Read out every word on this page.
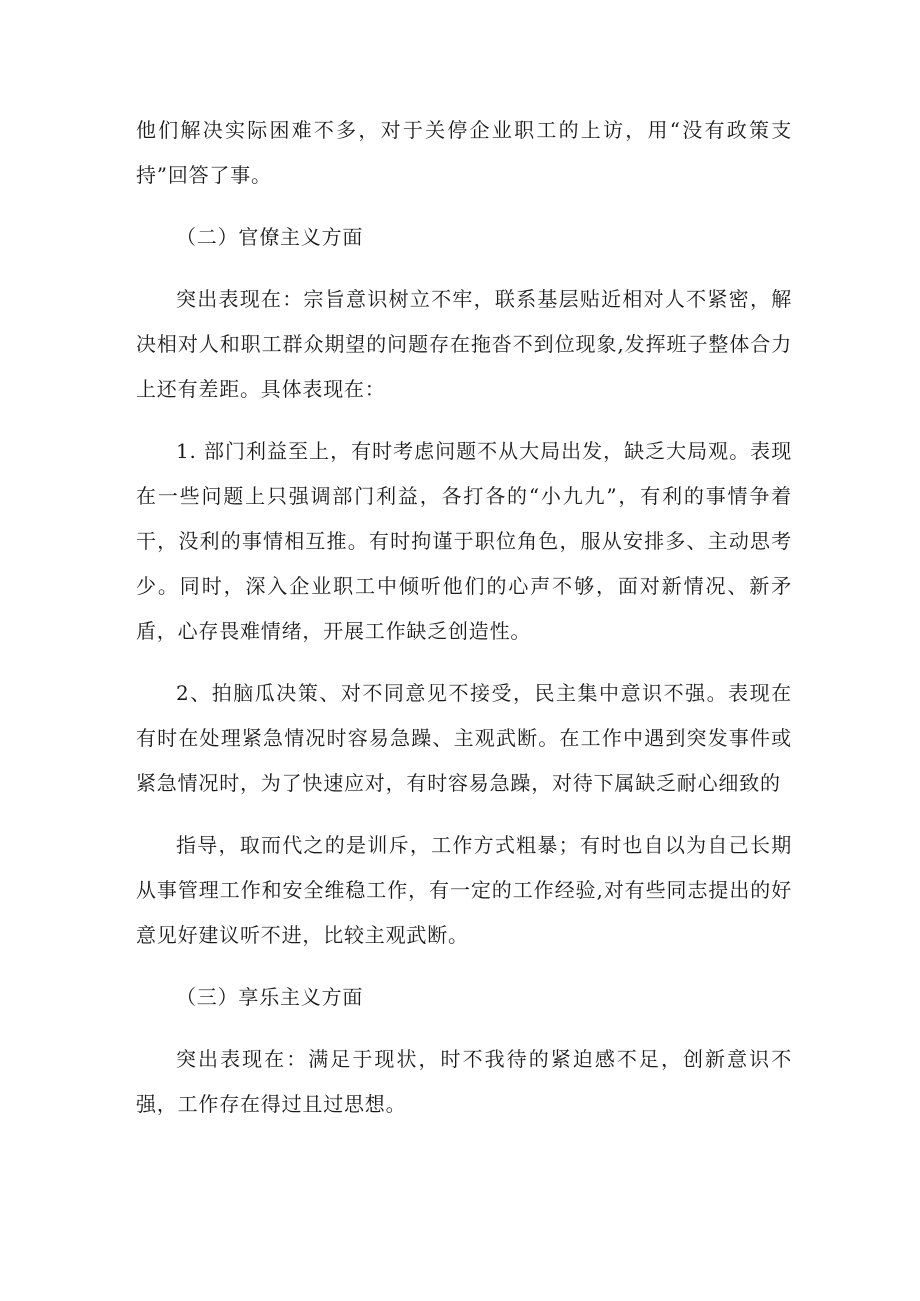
他们解决实际困难不多，对于关停企业职工的上访，用“没有政策支持”回答了事。

（二）官僚主义方面

突出表现在：宗旨意识树立不牢，联系基层贴近相对人不紧密，解决相对人和职工群众期望的问题存在拖沓不到位现象,发挥班子整体合力上还有差距。具体表现在：

1. 部门利益至上，有时考虑问题不从大局出发，缺乏大局观。表现在一些问题上只强调部门利益，各打各的“小九九”，有利的事情争着干，没利的事情相互推。有时拘谨于职位角色，服从安排多、主动思考少。同时，深入企业职工中倾听他们的心声不够，面对新情况、新矛盾，心存畏难情绪，开展工作缺乏创造性。

2、拍脑瓜决策、对不同意见不接受，民主集中意识不强。表现在有时在处理紧急情况时容易急躁、主观武断。在工作中遇到突发事件或紧急情况时，为了快速应对，有时容易急躁，对待下属缺乏耐心细致的

指导，取而代之的是训斥，工作方式粗暴；有时也自以为自己长期从事管理工作和安全维稳工作，有一定的工作经验,对有些同志提出的好意见好建议听不进，比较主观武断。

（三）享乐主义方面

突出表现在：满足于现状，时不我待的紧迫感不足，创新意识不强，工作存在得过且过思想。
